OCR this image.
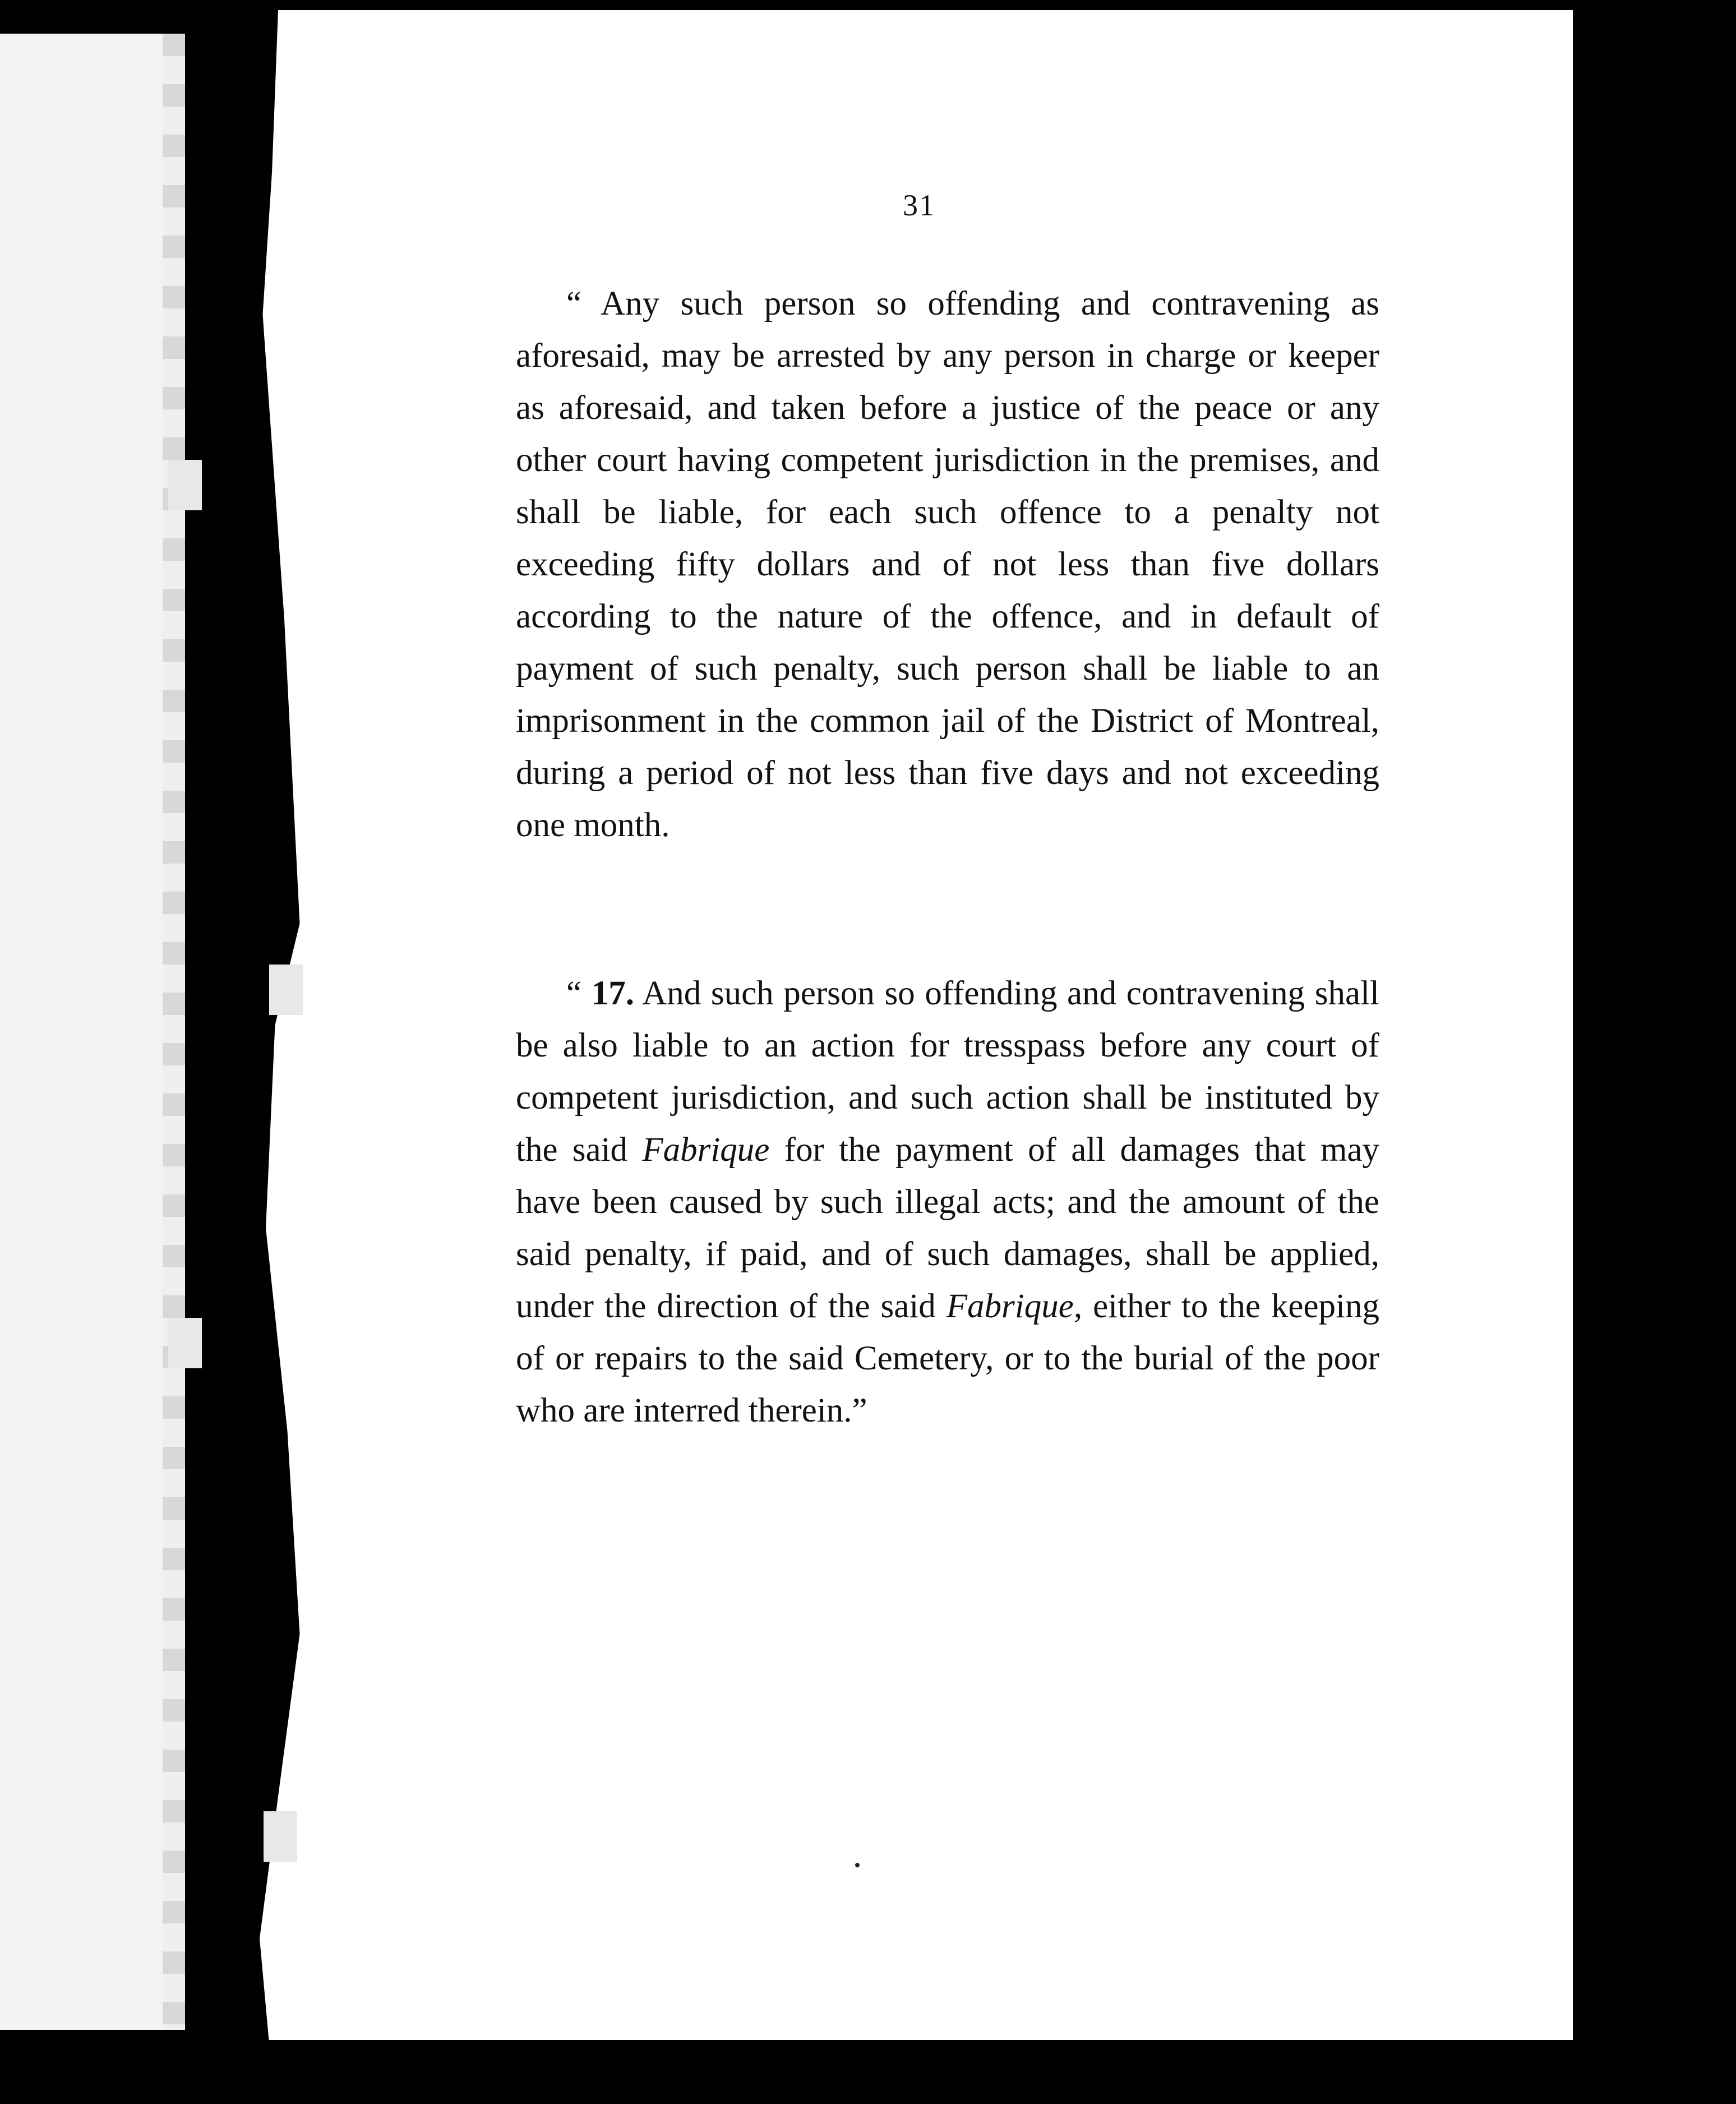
31

“ Any such person so offending and contravening as aforesaid, may be arrested by any person in charge or keeper as aforesaid, and taken before a justice of the peace or any other court having competent jurisdiction in the premises, and shall be liable, for each such offence to a penalty not exceeding fifty dollars and of not less than five dollars according to the nature of the offence, and in default of payment of such penalty, such person shall be liable to an imprisonment in the common jail of the District of Montreal, during a period of not less than five days and not exceeding one month.

“ 17. And such person so offending and contravening shall be also liable to an action for tresspass before any court of competent jurisdiction, and such action shall be instituted by the said Fabrique for the payment of all damages that may have been caused by such illegal acts; and the amount of the said penalty, if paid, and of such damages, shall be applied, under the direction of the said Fabrique, either to the keeping of or repairs to the said Cemetery, or to the burial of the poor who are interred therein.”
